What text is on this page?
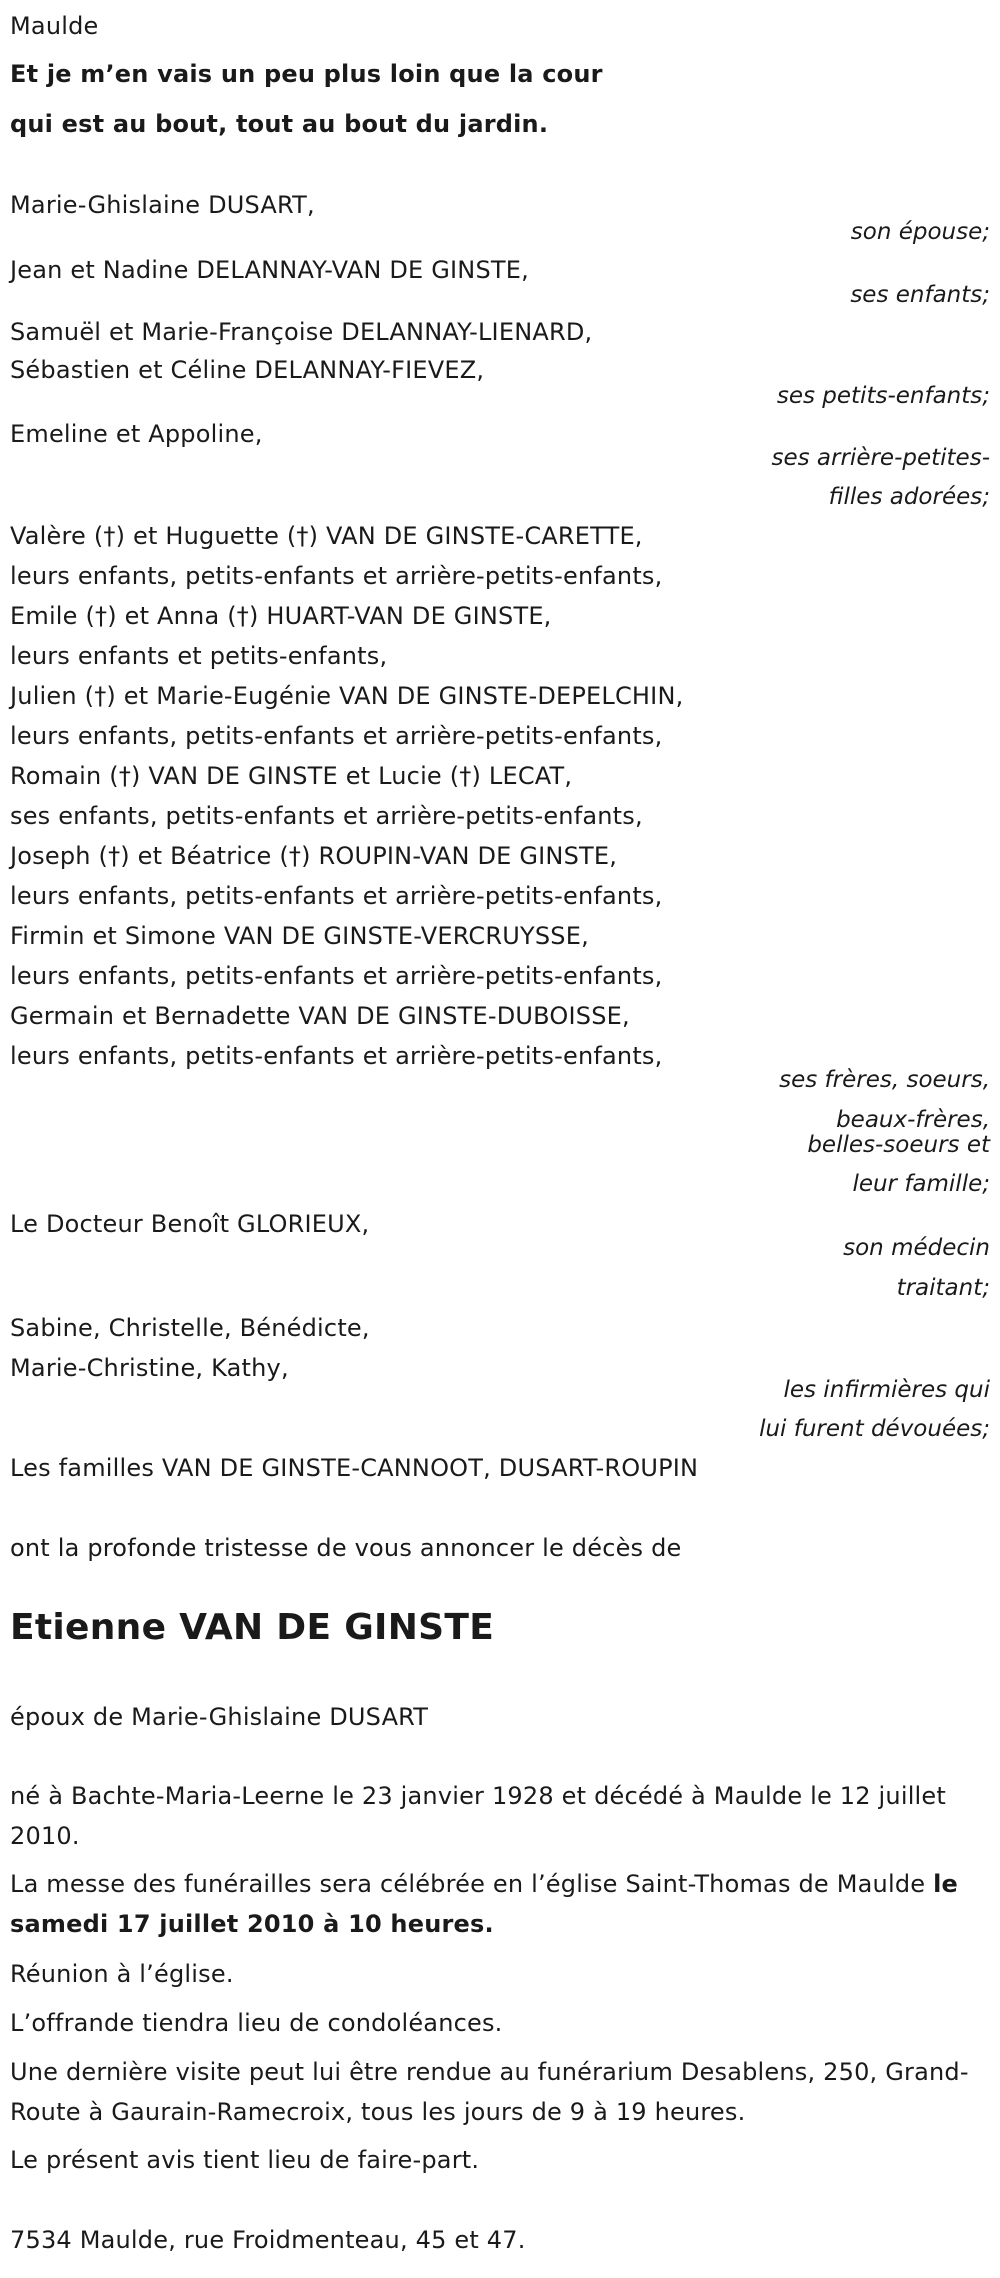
Maulde
Et je m’en vais un peu plus loin que la cour
qui est au bout, tout au bout du jardin.
Marie-Ghislaine DUSART,
son épouse;
Jean et Nadine DELANNAY-VAN DE GINSTE,
ses enfants;
Samuël et Marie-Françoise DELANNAY-LIENARD,
Sébastien et Céline DELANNAY-FIEVEZ,
ses petits-enfants;
Emeline et Appoline,
ses arrière-petites-
filles adorées;
Valère (†) et Huguette (†) VAN DE GINSTE-CARETTE,
leurs enfants, petits-enfants et arrière-petits-enfants,
Emile (†) et Anna (†) HUART-VAN DE GINSTE,
leurs enfants et petits-enfants,
Julien (†) et Marie-Eugénie VAN DE GINSTE-DEPELCHIN,
leurs enfants, petits-enfants et arrière-petits-enfants,
Romain (†) VAN DE GINSTE et Lucie (†) LECAT,
ses enfants, petits-enfants et arrière-petits-enfants,
Joseph (†) et Béatrice (†) ROUPIN-VAN DE GINSTE,
leurs enfants, petits-enfants et arrière-petits-enfants,
Firmin et Simone VAN DE GINSTE-VERCRUYSSE,
leurs enfants, petits-enfants et arrière-petits-enfants,
Germain et Bernadette VAN DE GINSTE-DUBOISSE,
leurs enfants, petits-enfants et arrière-petits-enfants,
ses frères, soeurs,
beaux-frères,
belles-soeurs et
leur famille;
Le Docteur Benoît GLORIEUX,
son médecin
traitant;
Sabine, Christelle, Bénédicte,
Marie-Christine, Kathy,
les infirmières qui
lui furent dévouées;
Les familles VAN DE GINSTE-CANNOOT, DUSART-ROUPIN
ont la profonde tristesse de vous annoncer le décès de
Etienne VAN DE GINSTE
époux de Marie-Ghislaine DUSART
né à Bachte-Maria-Leerne le 23 janvier 1928 et décédé à Maulde le 12 juillet 2010.
La messe des funérailles sera célébrée en l’église Saint-Thomas de Maulde le samedi 17 juillet 2010 à 10 heures.
Réunion à l’église.
L’offrande tiendra lieu de condoléances.
Une dernière visite peut lui être rendue au funérarium Desablens, 250, Grand-Route à Gaurain-Ramecroix, tous les jours de 9 à 19 heures.
Le présent avis tient lieu de faire-part.
7534 Maulde, rue Froidmenteau, 45 et 47.
